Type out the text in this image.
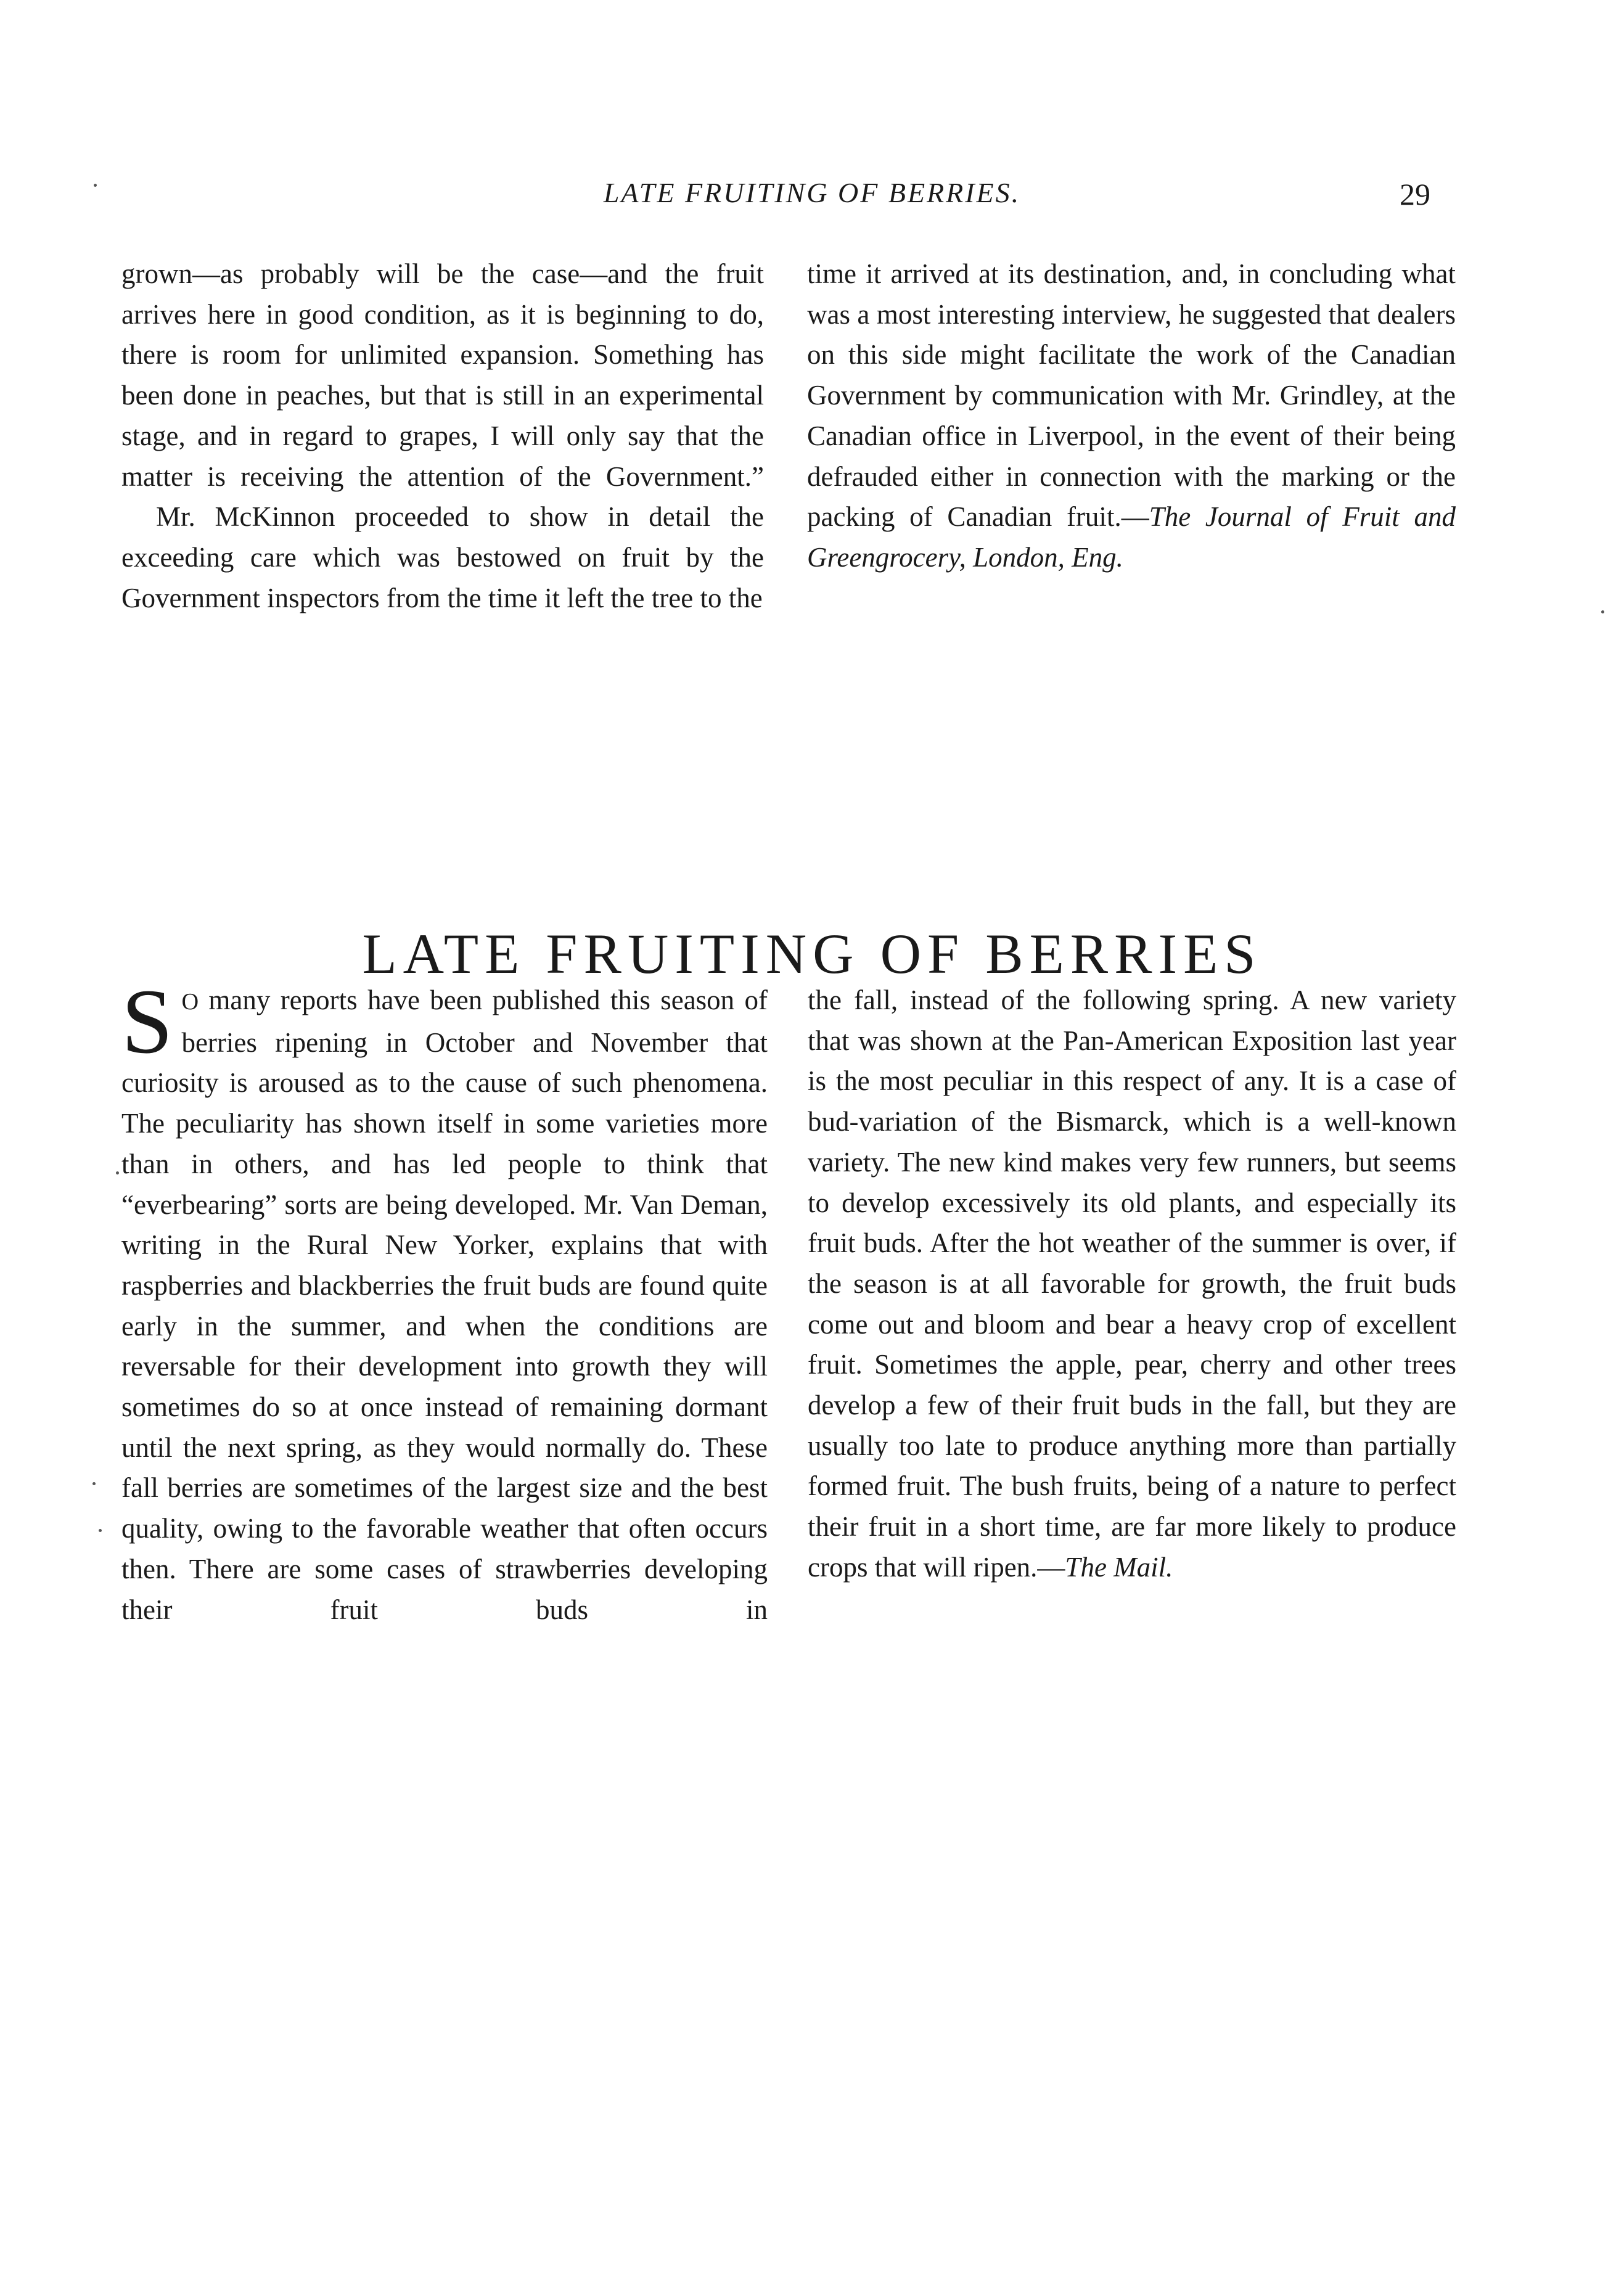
LATE FRUITING OF BERRIES.	29

grown—as probably will be the case—and the fruit arrives here in good condition, as it is beginning to do, there is room for unlimited expansion. Something has been done in peaches, but that is still in an experimental stage, and in regard to grapes, I will only say that the matter is receiving the attention of the Government.”

Mr. McKinnon proceeded to show in detail the exceeding care which was bestowed on fruit by the Government inspectors from the time it left the tree to the

time it arrived at its destination, and, in concluding what was a most interesting interview, he suggested that dealers on this side might facilitate the work of the Canadian Government by communication with Mr. Grindley, at the Canadian office in Liverpool, in the event of their being defrauded either in connection with the marking or the packing of Canadian fruit.—The Journal of Fruit and Greengrocery, London, Eng.

LATE FRUITING OF BERRIES

S O many reports have been published this season of berries ripening in October and November that curiosity is aroused as to the cause of such phenomena. The peculiarity has shown itself in some varieties more than in others, and has led people to think that “everbearing” sorts are being developed. Mr. Van Deman, writing in the Rural New Yorker, explains that with raspberries and blackberries the fruit buds are found quite early in the summer, and when the conditions are reversable for their development into growth they will sometimes do so at once instead of remaining dormant until the next spring, as they would normally do. These fall berries are sometimes of the largest size and the best quality, owing to the favorable weather that often occurs then. There are some cases of strawberries developing their fruit buds in

the fall, instead of the following spring. A new variety that was shown at the Pan-American Exposition last year is the most peculiar in this respect of any. It is a case of bud-variation of the Bismarck, which is a well-known variety. The new kind makes very few runners, but seems to develop excessively its old plants, and especially its fruit buds. After the hot weather of the summer is over, if the season is at all favorable for growth, the fruit buds come out and bloom and bear a heavy crop of excellent fruit. Sometimes the apple, pear, cherry and other trees develop a few of their fruit buds in the fall, but they are usually too late to produce anything more than partially formed fruit. The bush fruits, being of a nature to perfect their fruit in a short time, are far more likely to produce crops that will ripen.—The Mail.
